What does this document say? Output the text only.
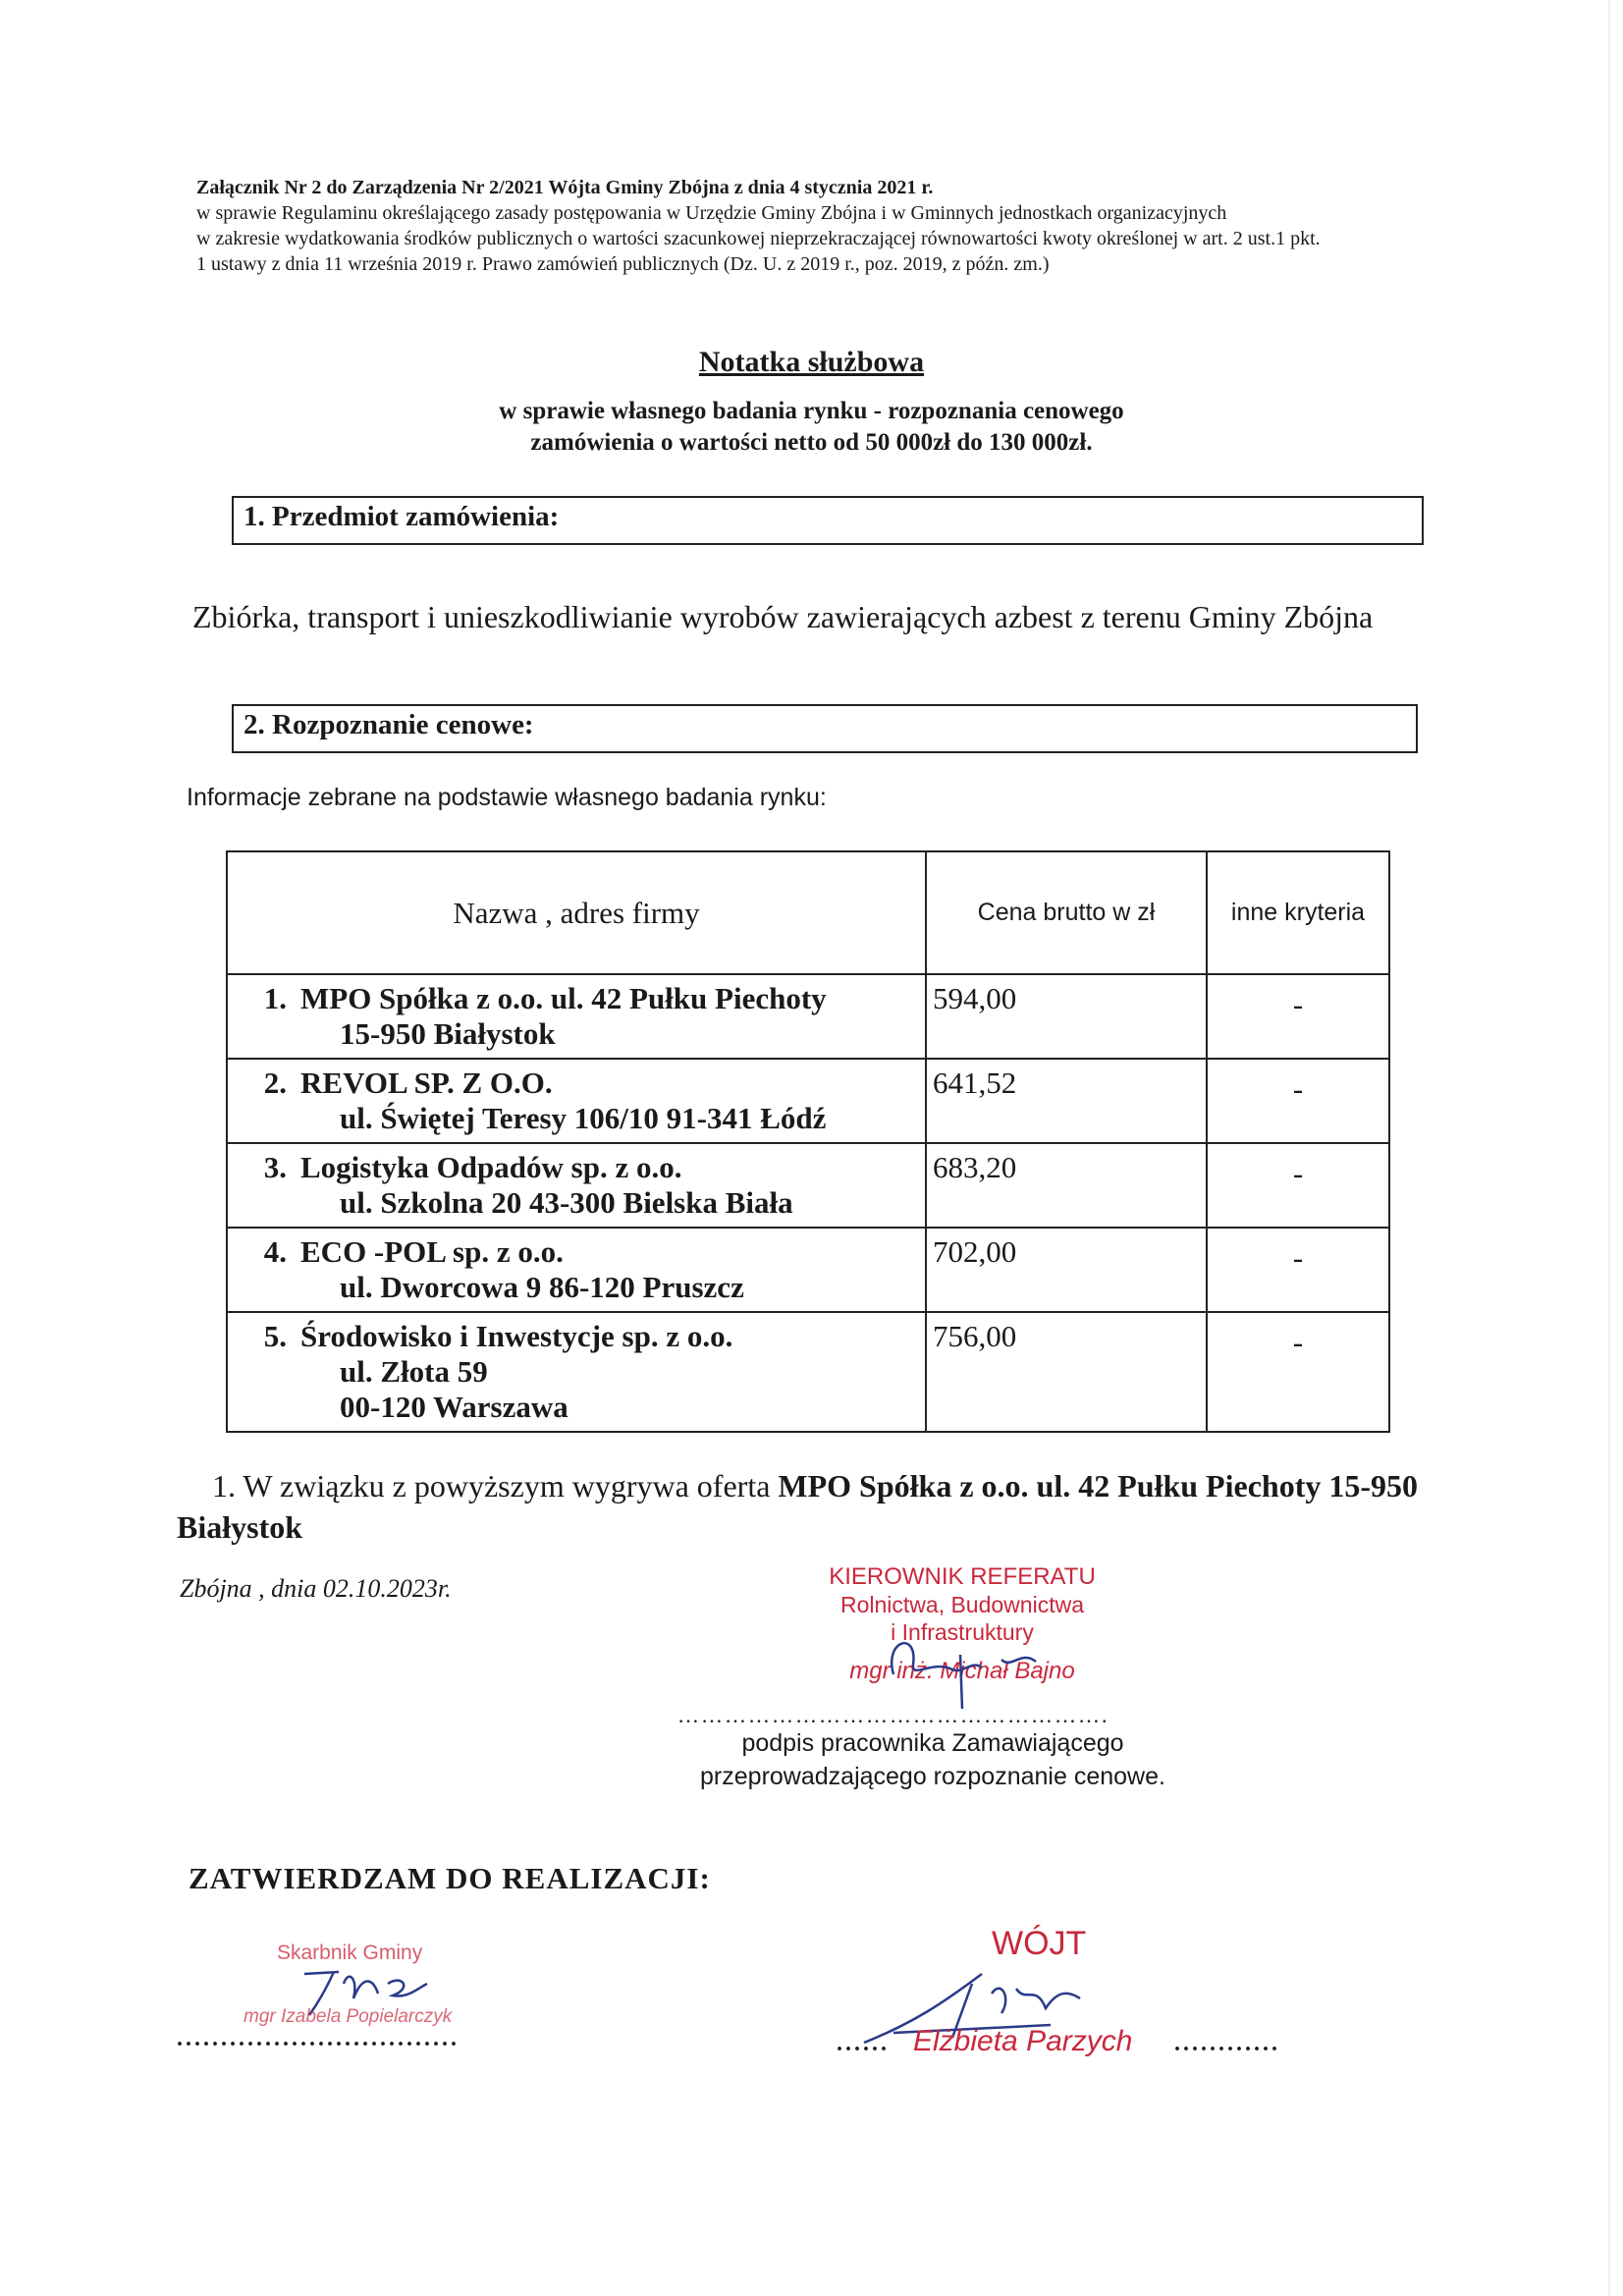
Załącznik Nr 2 do Zarządzenia Nr 2/2021 Wójta Gminy Zbójna z dnia 4 stycznia 2021 r.
w sprawie Regulaminu określającego zasady postępowania w Urzędzie Gminy Zbójna i w Gminnych jednostkach organizacyjnych
w zakresie wydatkowania środków publicznych o wartości szacunkowej nieprzekraczającej równowartości kwoty określonej w art. 2 ust.1 pkt.
1 ustawy z dnia 11 września 2019 r. Prawo zamówień publicznych (Dz. U. z 2019 r., poz. 2019, z późn. zm.)
Notatka służbowa
w sprawie własnego badania rynku - rozpoznania cenowego
zamówienia o wartości netto od 50 000zł do 130 000zł.
1. Przedmiot zamówienia:
Zbiórka, transport i unieszkodliwianie wyrobów zawierających azbest z terenu Gminy Zbójna
2. Rozpoznanie cenowe:
Informacje zebrane na podstawie własnego badania rynku:
Nazwa , adres firmy	Cena brutto w zł	inne kryteria
1. MPO Spółka z o.o. ul. 42 Pułku Piechoty
15-950 Białystok	594,00	-
2. REVOL SP. Z O.O.
ul. Świętej Teresy 106/10 91-341 Łódź	641,52	-
3. Logistyka Odpadów sp. z o.o.
ul. Szkolna 20 43-300 Bielska Biała	683,20	-
4. ECO -POL sp. z o.o.
ul. Dworcowa 9 86-120 Pruszcz	702,00	-
5. Środowisko i Inwestycje sp. z o.o.
ul. Złota 59
00-120 Warszawa	756,00	-
1. W związku z powyższym wygrywa oferta MPO Spółka z o.o. ul. 42 Pułku Piechoty 15-950 Białystok
Zbójna , dnia 02.10.2023r.	KIEROWNIK REFERATU
Rolnictwa, Budownictwa
i Infrastruktury
mgr inż. Michał Bajno
……………………………………………….
podpis pracownika Zamawiającego
przeprowadzającego rozpoznanie cenowe.
ZATWIERDZAM DO REALIZACJI:
Skarbnik Gminy
mgr Izabela Popielarczyk
................................
WÓJT
......	............
Elżbieta Parzych
